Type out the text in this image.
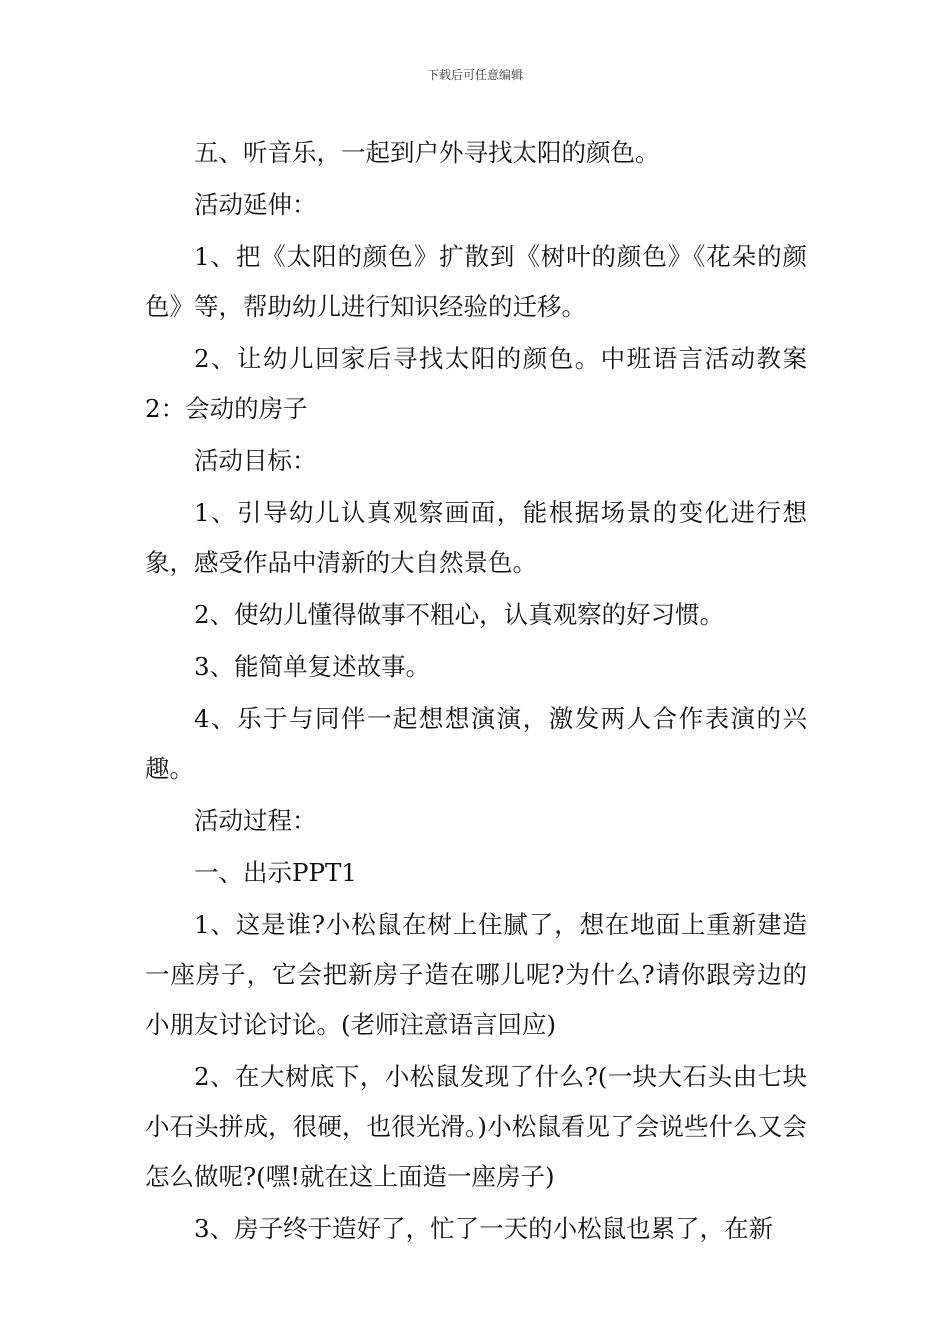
下载后可任意编辑

五、听音乐，一起到户外寻找太阳的颜色。

活动延伸：

1、把《太阳的颜色》扩散到《树叶的颜色》《花朵的颜色》等，帮助幼儿进行知识经验的迁移。

2、让幼儿回家后寻找太阳的颜色。中班语言活动教案2：会动的房子

活动目标：

1、引导幼儿认真观察画面，能根据场景的变化进行想象，感受作品中清新的大自然景色。

2、使幼儿懂得做事不粗心，认真观察的好习惯。

3、能简单复述故事。

4、乐于与同伴一起想想演演，激发两人合作表演的兴趣。

活动过程：

一、出示PPT1

1、这是谁?小松鼠在树上住腻了，想在地面上重新建造一座房子，它会把新房子造在哪儿呢?为什么?请你跟旁边的小朋友讨论讨论。(老师注意语言回应)

2、在大树底下，小松鼠发现了什么?(一块大石头由七块小石头拼成，很硬，也很光滑。)小松鼠看见了会说些什么又会怎么做呢?(嘿!就在这上面造一座房子)

3、房子终于造好了，忙了一天的小松鼠也累了，在新
